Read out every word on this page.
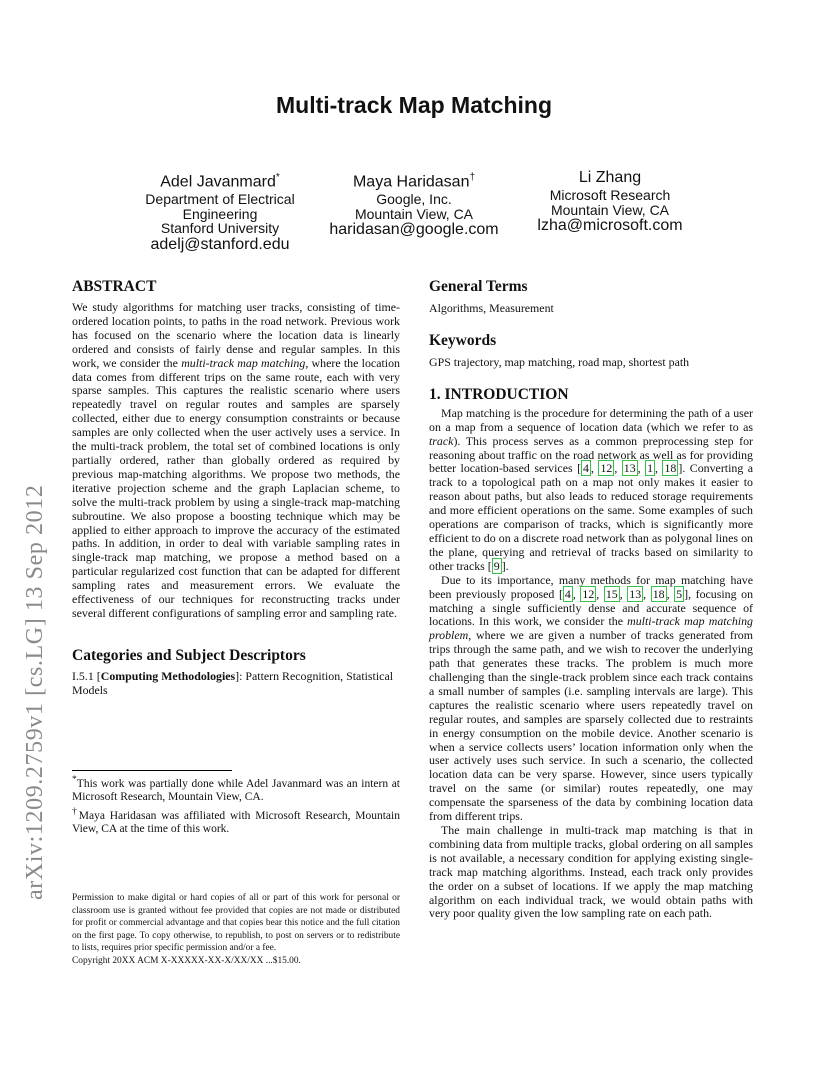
arXiv:1209.2759v1 [cs.LG] 13 Sep 2012
Multi-track Map Matching
Adel Javanmard*
Department of Electrical
Engineering
Stanford University
adelj@stanford.edu
Maya Haridasan†
Google, Inc.
Mountain View, CA
haridasan@google.com
Li Zhang
Microsoft Research
Mountain View, CA
lzha@microsoft.com
ABSTRACT

We study algorithms for matching user tracks, consisting of time-ordered location points, to paths in the road network. Previous work has focused on the scenario where the location data is linearly ordered and consists of fairly dense and regular samples. In this work, we consider the multi-track map matching, where the location data comes from different trips on the same route, each with very sparse samples. This captures the realistic scenario where users repeatedly travel on regular routes and samples are sparsely collected, either due to energy consumption constraints or because samples are only collected when the user actively uses a service. In the multi-track problem, the total set of combined locations is only partially ordered, rather than globally ordered as required by previous map-matching algorithms. We propose two methods, the iterative projection scheme and the graph Laplacian scheme, to solve the multi-track problem by using a single-track map-matching subroutine. We also propose a boosting technique which may be applied to either approach to improve the accuracy of the estimated paths. In addition, in order to deal with variable sampling rates in single-track map matching, we propose a method based on a particular regularized cost function that can be adapted for different sampling rates and measurement errors. We evaluate the effectiveness of our techniques for reconstructing tracks under several different configurations of sampling error and sampling rate.

Categories and Subject Descriptors

I.5.1 [Computing Methodologies]: Pattern Recognition, Statistical Models

*This work was partially done while Adel Javanmard was an intern at Microsoft Research, Mountain View, CA.

†Maya Haridasan was affiliated with Microsoft Research, Mountain View, CA at the time of this work.

Permission to make digital or hard copies of all or part of this work for personal or classroom use is granted without fee provided that copies are not made or distributed for profit or commercial advantage and that copies bear this notice and the full citation on the first page. To copy otherwise, to republish, to post on servers or to redistribute to lists, requires prior specific permission and/or a fee.

Copyright 20XX ACM X-XXXXX-XX-X/XX/XX ...$15.00.

General Terms

Algorithms, Measurement

Keywords

GPS trajectory, map matching, road map, shortest path

1. INTRODUCTION

Map matching is the procedure for determining the path of a user on a map from a sequence of location data (which we refer to as track). This process serves as a common preprocessing step for reasoning about traffic on the road network as well as for providing better location-based services [ 4 , 12 , 13 , 1 , 18 ]. Converting a track to a topological path on a map not only makes it easier to reason about paths, but also leads to reduced storage requirements and more efficient operations on the same. Some examples of such operations are comparison of tracks, which is significantly more efficient to do on a discrete road network than as polygonal lines on the plane, querying and retrieval of tracks based on similarity to other tracks [ 9 ].

Due to its importance, many methods for map matching have been previously proposed [ 4 , 12 , 15 , 13 , 18 , 5 ], focusing on matching a single sufficiently dense and accurate sequence of locations. In this work, we consider the multi-track map matching problem, where we are given a number of tracks generated from trips through the same path, and we wish to recover the underlying path that generates these tracks. The problem is much more challenging than the single-track problem since each track contains a small number of samples (i.e. sampling intervals are large). This captures the realistic scenario where users repeatedly travel on regular routes, and samples are sparsely collected due to restraints in energy consumption on the mobile device. Another scenario is when a service collects users’ location information only when the user actively uses such service. In such a scenario, the collected location data can be very sparse. However, since users typically travel on the same (or similar) routes repeatedly, one may compensate the sparseness of the data by combining location data from different trips.

The main challenge in multi-track map matching is that in combining data from multiple tracks, global ordering on all samples is not available, a necessary condition for applying existing single-track map matching algorithms. Instead, each track only provides the order on a subset of locations. If we apply the map matching algorithm on each individual track, we would obtain paths with very poor quality given the low sampling rate on each path.
